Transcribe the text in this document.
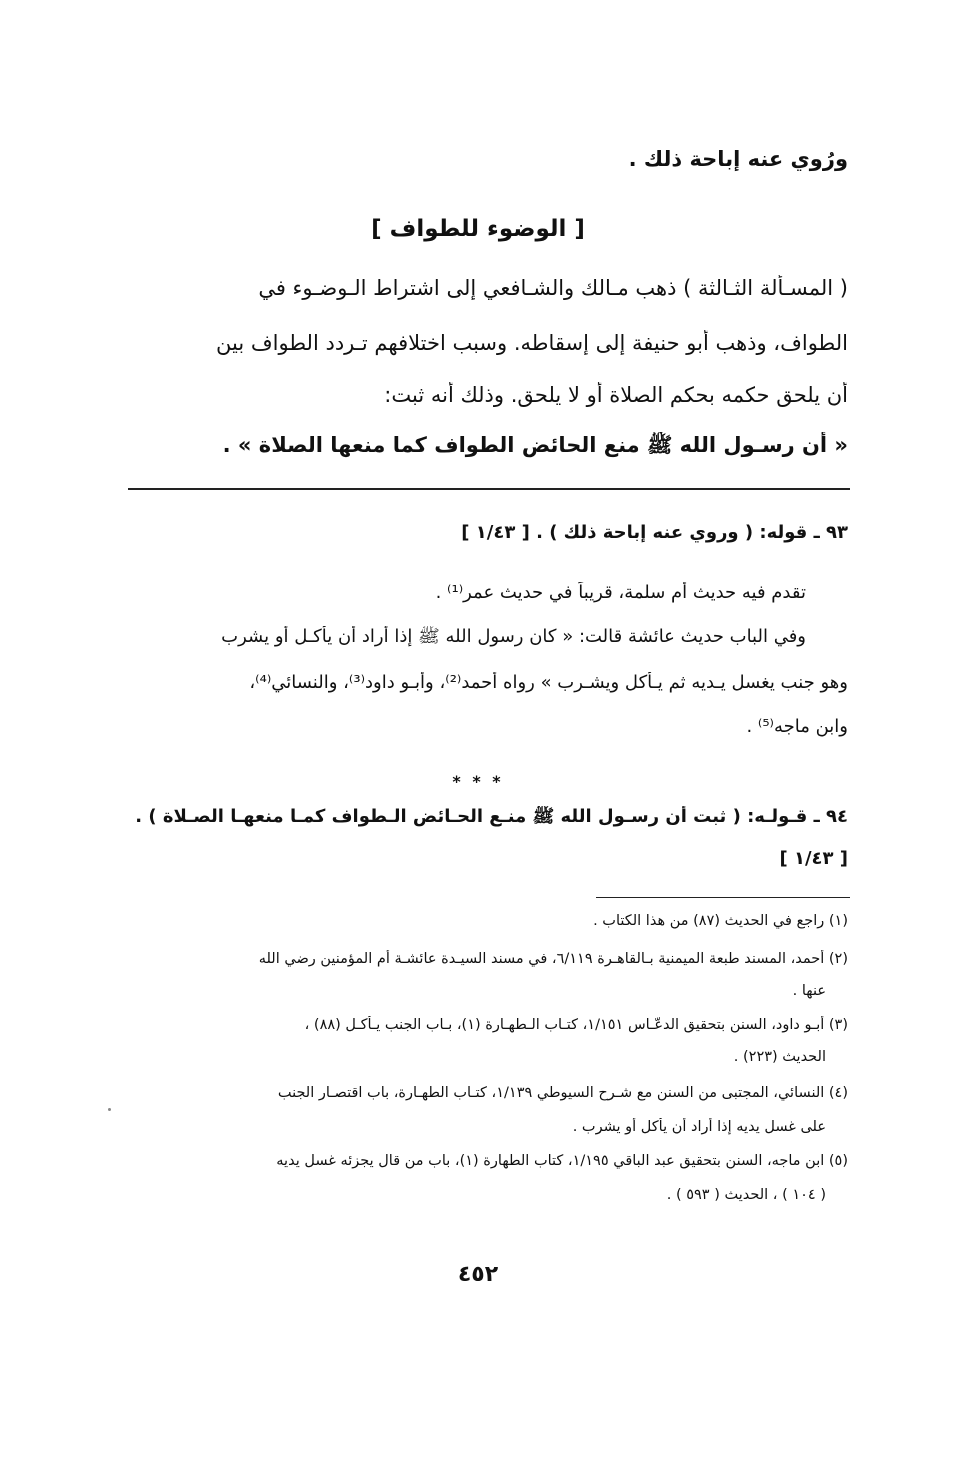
ورُوي عنه إباحة ذلك .
[ الوضوء للطواف ]
( المسـألة الثـالثة ) ذهب مـالك والشـافعي إلى اشتراط الـوضـوء في
الطواف، وذهب أبو حنيفة إلى إسقاطه. وسبب اختلافهم تـردد الطواف بين
أن يلحق حكمه بحكم الصلاة أو لا يلحق. وذلك أنه ثبت:
« أن رسـول الله ﷺ منع الحائض الطواف كما منعها الصلاة » .
٩٣ ـ قوله: ( وروي عنه إباحة ذلك ) . [ ١/٤٣ ]
تقدم فيه حديث أم سلمة، قريباً في حديث عمر⁽¹⁾ .
وفي الباب حديث عائشة قالت: « كان رسول الله ﷺ إذا أراد أن يأكـل أو يشرب
وهو جنب يغسل يـديه ثم يـأكل ويشـرب » رواه أحمد⁽²⁾، وأبـو داود⁽³⁾، والنسائي⁽⁴⁾،
وابن ماجه⁽⁵⁾ .
* * *
٩٤ ـ قـولـه: ( ثبت أن رسـول الله ﷺ منـع الحـائض الـطواف كمـا منعهـا الصـلاة ) .
[ ١/٤٣ ]
(١) راجع في الحديث (٨٧) من هذا الكتاب .
(٢) أحمد، المسند طبعة الميمنية بـالقاهـرة ٦/١١٩، في مسند السيـدة عائشـة أم المؤمنين رضي الله
عنها .
(٣) أبـو داود، السنن بتحقيق الدعّـاس ١/١٥١، كتـاب الـطهـارة (١)، بـاب الجنب يـأكـل (٨٨) ،
الحديث (٢٢٣) .
(٤) النسائي، المجتبى من السنن مع شـرح السيوطي ١/١٣٩، كتـاب الطهـارة، باب اقتصـار الجنب
على غسل يديه إذا أراد أن يأكل أو يشرب .
(٥) ابن ماجه، السنن بتحقيق عبد الباقي ١/١٩٥، كتاب الطهارة (١)، باب من قال يجزئه غسل يديه
( ١٠٤ ) ، الحديث ( ٥٩٣ ) .
٤٥٢
